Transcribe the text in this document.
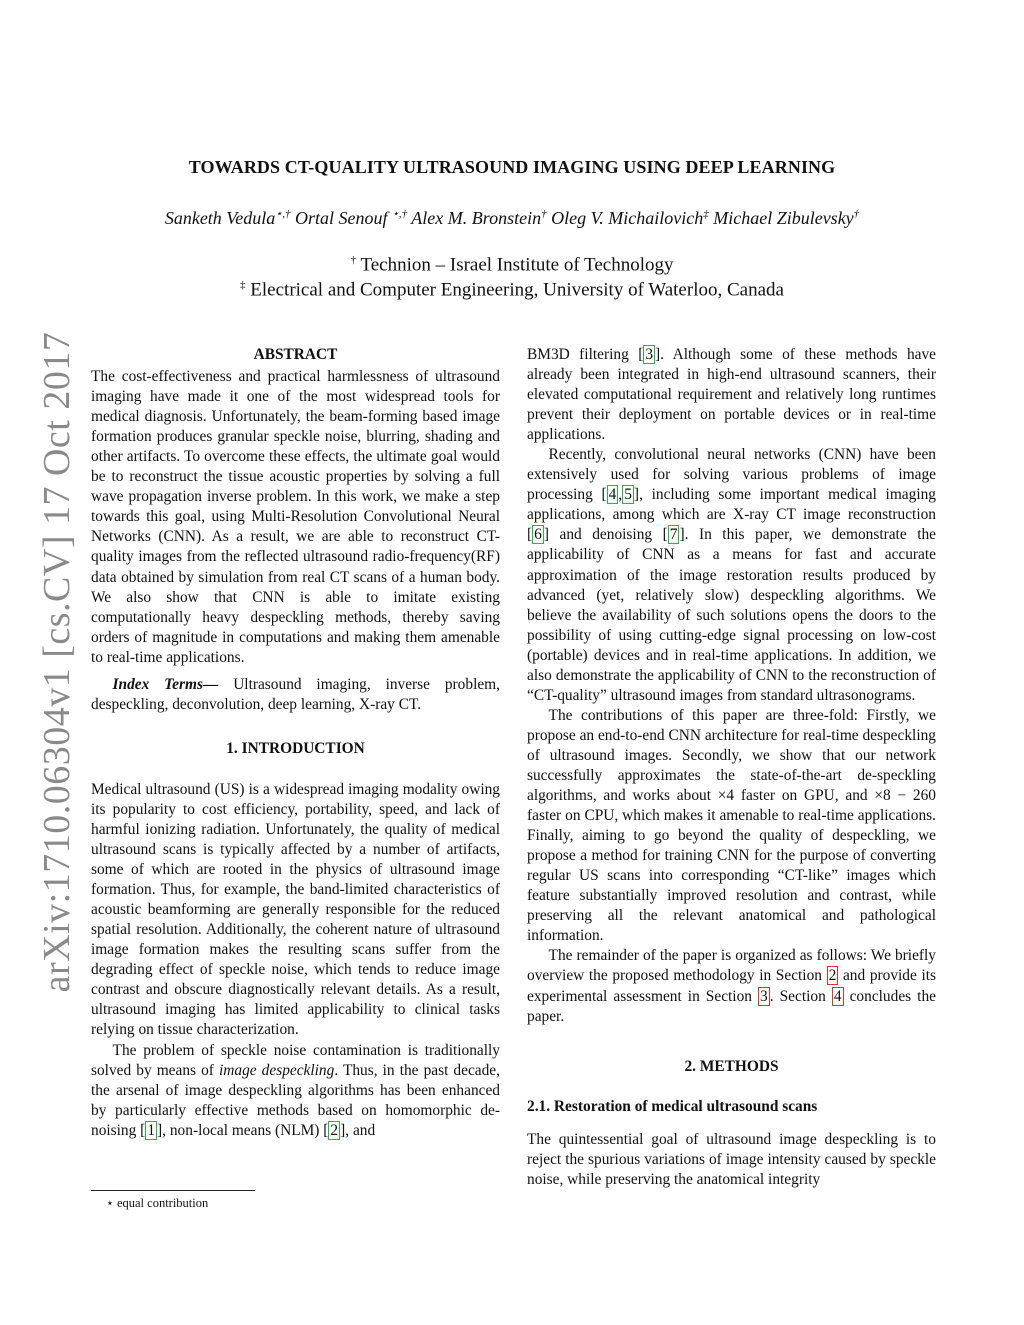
TOWARDS CT-QUALITY ULTRASOUND IMAGING USING DEEP LEARNING
Sanketh Vedula⋆,† Ortal Senouf ⋆,† Alex M. Bronstein† Oleg V. Michailovich‡ Michael Zibulevsky†
† Technion – Israel Institute of Technology
‡ Electrical and Computer Engineering, University of Waterloo, Canada
arXiv:1710.06304v1 [cs.CV] 17 Oct 2017	ABSTRACT

The cost-effectiveness and practical harmlessness of ultrasound imaging have made it one of the most widespread tools for medical diagnosis. Unfortunately, the beam-forming based image formation produces granular speckle noise, blurring, shading and other artifacts. To overcome these effects, the ultimate goal would be to reconstruct the tissue acoustic properties by solving a full wave propagation inverse problem. In this work, we make a step towards this goal, using Multi-Resolution Convolutional Neural Networks (CNN). As a result, we are able to reconstruct CT-quality images from the reflected ultrasound radio-frequency(RF) data obtained by simulation from real CT scans of a human body. We also show that CNN is able to imitate existing computationally heavy despeckling methods, thereby saving orders of magnitude in computations and making them amenable to real-time applications.

Index Terms— Ultrasound imaging, inverse problem, despeckling, deconvolution, deep learning, X-ray CT.

1. INTRODUCTION

Medical ultrasound (US) is a widespread imaging modality owing its popularity to cost efficiency, portability, speed, and lack of harmful ionizing radiation. Unfortunately, the quality of medical ultrasound scans is typically affected by a number of artifacts, some of which are rooted in the physics of ultrasound image formation. Thus, for example, the band-limited characteristics of acoustic beamforming are generally responsible for the reduced spatial resolution. Additionally, the coherent nature of ultrasound image formation makes the resulting scans suffer from the degrading effect of speckle noise, which tends to reduce image contrast and obscure diagnostically relevant details. As a result, ultrasound imaging has limited applicability to clinical tasks relying on tissue characterization.

The problem of speckle noise contamination is traditionally solved by means of image despeckling. Thus, in the past decade, the arsenal of image despeckling algorithms has been enhanced by particularly effective methods based on homomorphic de-noising [ 1 ], non-local means (NLM) [ 2 ], and

⋆ equal contribution

BM3D filtering [ 3 ]. Although some of these methods have already been integrated in high-end ultrasound scanners, their elevated computational requirement and relatively long runtimes prevent their deployment on portable devices or in real-time applications.

Recently, convolutional neural networks (CNN) have been extensively used for solving various problems of image processing [ 4 , 5 ], including some important medical imaging applications, among which are X-ray CT image reconstruction [ 6 ] and denoising [ 7 ]. In this paper, we demonstrate the applicability of CNN as a means for fast and accurate approximation of the image restoration results produced by advanced (yet, relatively slow) despeckling algorithms. We believe the availability of such solutions opens the doors to the possibility of using cutting-edge signal processing on low-cost (portable) devices and in real-time applications. In addition, we also demonstrate the applicability of CNN to the reconstruction of “CT-quality” ultrasound images from standard ultrasonograms.

The contributions of this paper are three-fold: Firstly, we propose an end-to-end CNN architecture for real-time despeckling of ultrasound images. Secondly, we show that our network successfully approximates the state-of-the-art de-speckling algorithms, and works about ×4 faster on GPU, and ×8 − 260 faster on CPU, which makes it amenable to real-time applications. Finally, aiming to go beyond the quality of despeckling, we propose a method for training CNN for the purpose of converting regular US scans into corresponding “CT-like” images which feature substantially improved resolution and contrast, while preserving all the relevant anatomical and pathological information.

The remainder of the paper is organized as follows: We briefly overview the proposed methodology in Section 2 and provide its experimental assessment in Section 3 . Section 4 concludes the paper.

2. METHODS

2.1. Restoration of medical ultrasound scans

The quintessential goal of ultrasound image despeckling is to reject the spurious variations of image intensity caused by speckle noise, while preserving the anatomical integrity
